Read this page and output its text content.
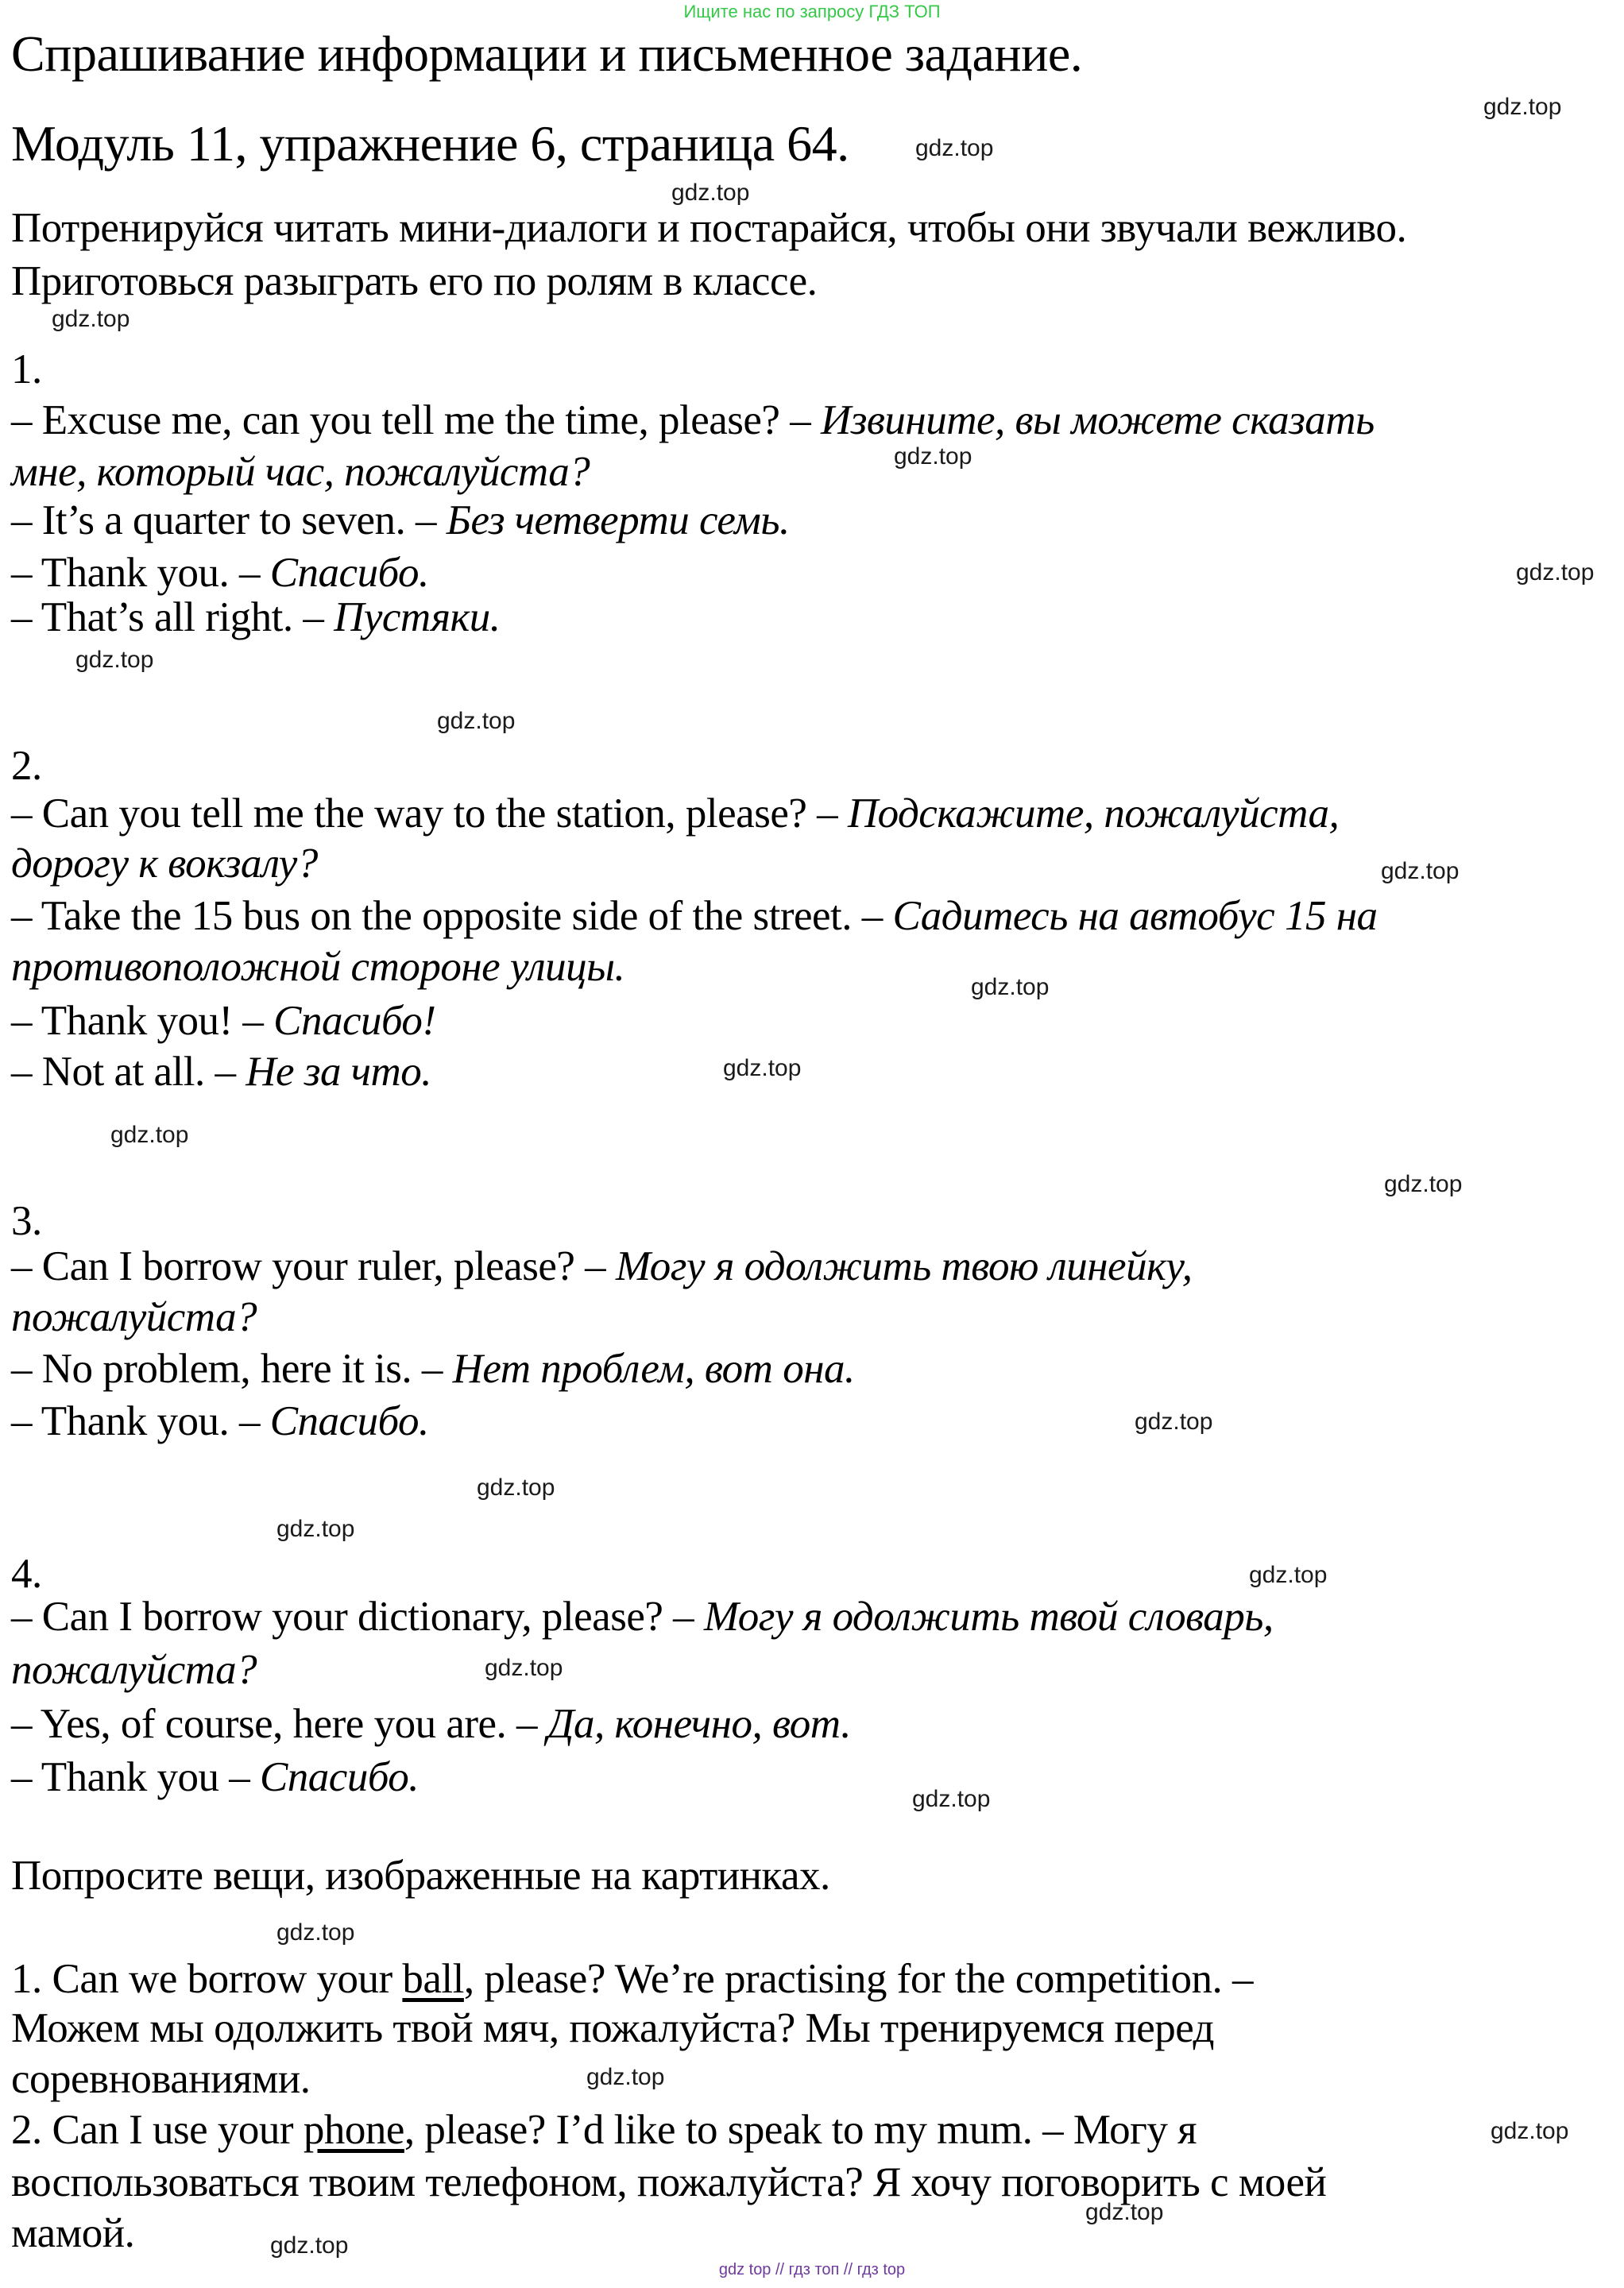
Ищите нас по запросу ГДЗ ТОП
Спрашивание информации и письменное задание.
Модуль 11, упражнение 6, страница 64.
Потренируйся читать мини-диалоги и постарайся, чтобы они звучали вежливо.
Приготовься разыграть его по ролям в классе.
1.
– Excuse me, can you tell me the time, please? – Извините, вы можете сказать
мне, который час, пожалуйста?
– It’s a quarter to seven. – Без четверти семь.
– Thank you. – Спасибо.
– That’s all right. – Пустяки.
2.
– Can you tell me the way to the station, please? – Подскажите, пожалуйста,
дорогу к вокзалу?
– Take the 15 bus on the opposite side of the street. – Садитесь на автобус 15 на
противоположной стороне улицы.
– Thank you! – Спасибо!
– Not at all. – Не за что.
3.
– Can I borrow your ruler, please? – Могу я одолжить твою линейку,
пожалуйста?
– No problem, here it is. – Нет проблем, вот она.
– Thank you. – Спасибо.
4.
– Can I borrow your dictionary, please? – Могу я одолжить твой словарь,
пожалуйста?
– Yes, of course, here you are. – Да, конечно, вот.
– Thank you – Спасибо.
Попросите вещи, изображенные на картинках.
1. Can we borrow your ball, please? We’re practising for the competition. –
Можем мы одолжить твой мяч, пожалуйста? Мы тренируемся перед
соревнованиями.
2. Can I use your phone, please? I’d like to speak to my mum. – Могу я
воспользоваться твоим телефоном, пожалуйста? Я хочу поговорить с моей
мамой.
gdz.top
gdz.top
gdz.top
gdz.top
gdz.top
gdz.top
gdz.top
gdz.top
gdz.top
gdz.top
gdz.top
gdz.top
gdz.top
gdz.top
gdz.top
gdz.top
gdz.top
gdz.top
gdz.top
gdz.top
gdz.top
gdz.top
gdz.top
gdz.top
gdz top // гдз топ // гдз top
